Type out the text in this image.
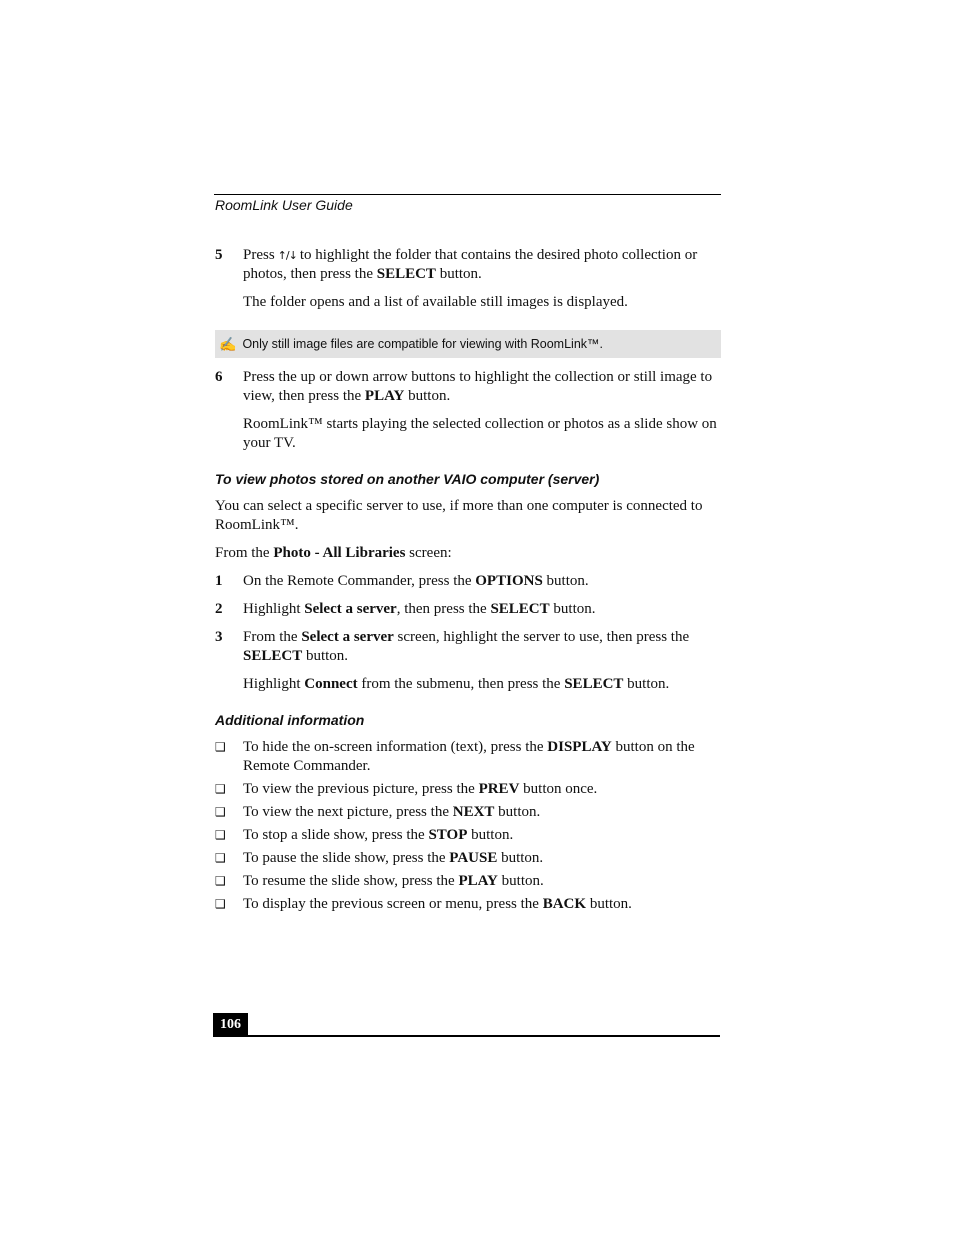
RoomLink User Guide
5 Press ↑/↓ to highlight the folder that contains the desired photo collection or photos, then press the SELECT button.

The folder opens and a list of available still images is displayed.

✍ Only still image files are compatible for viewing with RoomLink™.
6 Press the up or down arrow buttons to highlight the collection or still image to view, then press the PLAY button.

RoomLink™ starts playing the selected collection or photos as a slide show on your TV.

To view photos stored on another VAIO computer (server)

You can select a specific server to use, if more than one computer is connected to RoomLink™.

From the Photo - All Libraries screen:

1 On the Remote Commander, press the OPTIONS button.

2 Highlight Select a server, then press the SELECT button.

3 From the Select a server screen, highlight the server to use, then press the SELECT button.

Highlight Connect from the submenu, then press the SELECT button.

Additional information
❑ To hide the on-screen information (text), press the DISPLAY button on the Remote Commander.

❑ To view the previous picture, press the PREV button once.

❑ To view the next picture, press the NEXT button.

❑ To stop a slide show, press the STOP button.

❑ To pause the slide show, press the PAUSE button.

❑ To resume the slide show, press the PLAY button.

❑ To display the previous screen or menu, press the BACK button.

106
